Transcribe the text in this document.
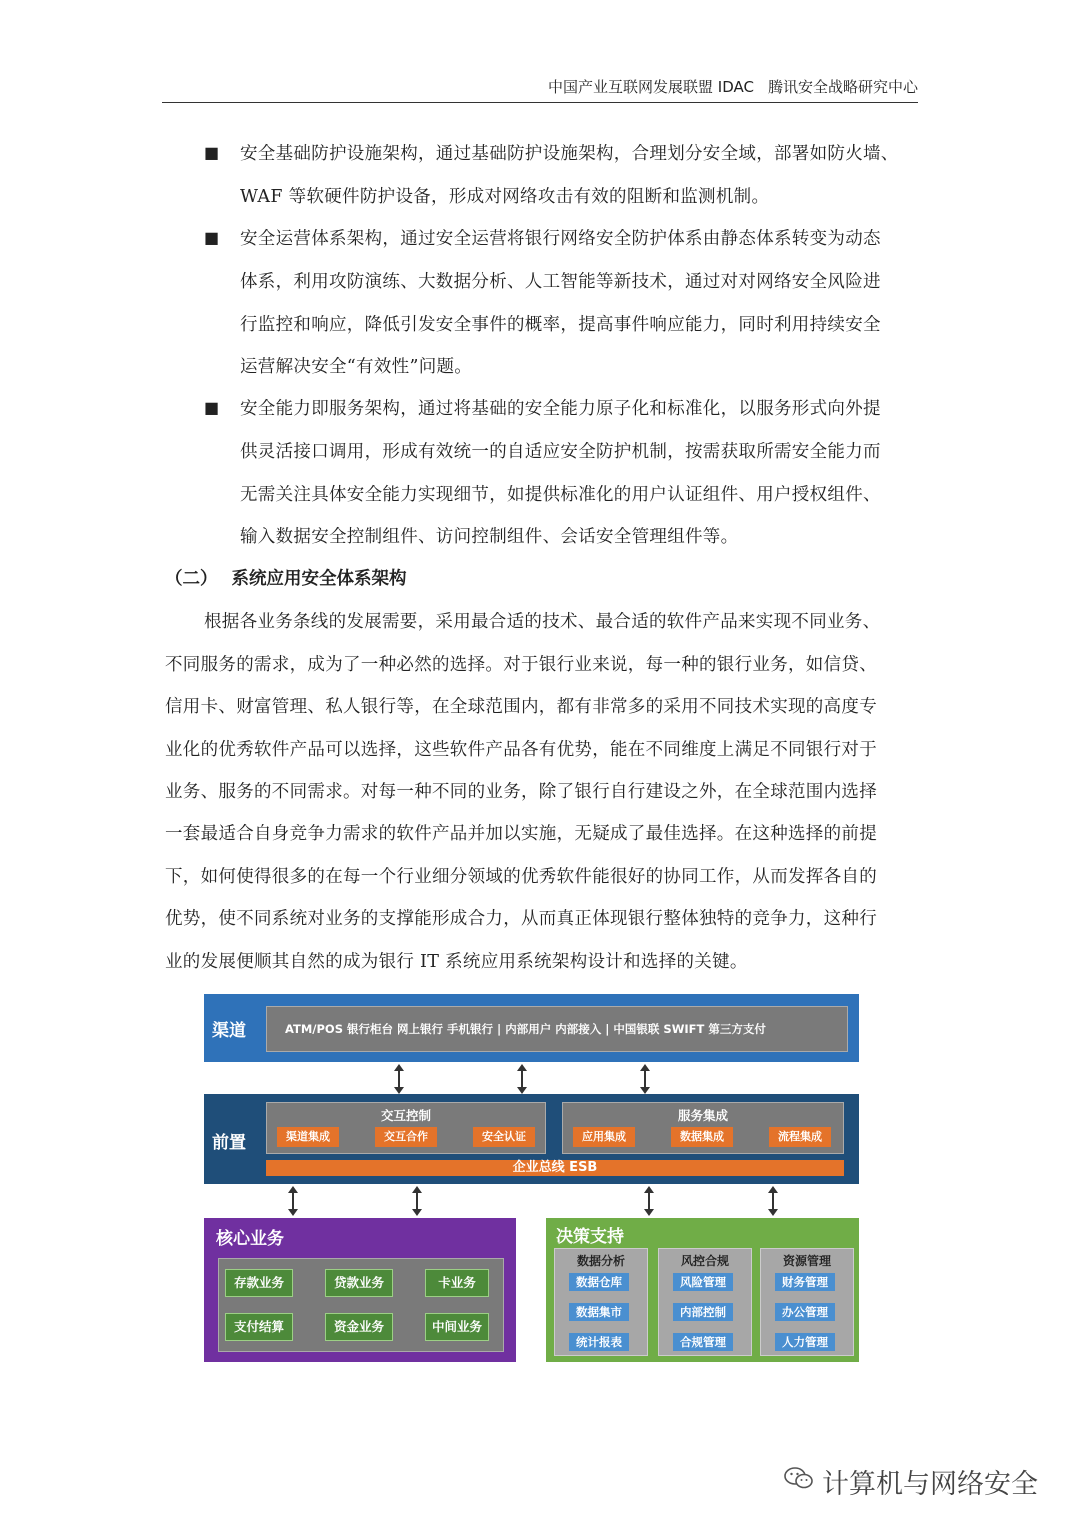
中国产业互联网发展联盟 IDAC 腾讯安全战略研究中心
■ 安全基础防护设施架构，通过基础防护设施架构，合理划分安全域，部署如防火墙、
WAF 等软硬件防护设备，形成对网络攻击有效的阻断和监测机制。
■ 安全运营体系架构，通过安全运营将银行网络安全防护体系由静态体系转变为动态
体系，利用攻防演练、大数据分析、人工智能等新技术，通过对对网络安全风险进
行监控和响应，降低引发安全事件的概率，提高事件响应能力，同时利用持续安全
运营解决安全“有效性”问题。
■ 安全能力即服务架构，通过将基础的安全能力原子化和标准化，以服务形式向外提
供灵活接口调用，形成有效统一的自适应安全防护机制，按需获取所需安全能力而
无需关注具体安全能力实现细节，如提供标准化的用户认证组件、用户授权组件、
输入数据安全控制组件、访问控制组件、会话安全管理组件等。
（二） 系统应用安全体系架构
根据各业务条线的发展需要，采用最合适的技术、最合适的软件产品来实现不同业务、
不同服务的需求，成为了一种必然的选择。对于银行业来说，每一种的银行业务，如信贷、
信用卡、财富管理、私人银行等，在全球范围内，都有非常多的采用不同技术实现的高度专
业化的优秀软件产品可以选择，这些软件产品各有优势，能在不同维度上满足不同银行对于
业务、服务的不同需求。对每一种不同的业务，除了银行自行建设之外，在全球范围内选择
一套最适合自身竞争力需求的软件产品并加以实施，无疑成了最佳选择。在这种选择的前提
下，如何使得很多的在每一个行业细分领域的优秀软件能很好的协同工作，从而发挥各自的
优势，使不同系统对业务的支撑能形成合力，从而真正体现银行整体独特的竞争力，这种行
业的发展便顺其自然的成为银行 IT 系统应用系统架构设计和选择的关键。
渠道	ATM/POS 银行柜台 网上银行 手机银行 | 内部用户 内部接入 | 中国银联 SWIFT 第三方支付
前置
交互控制
渠道集成	交互合作	安全认证
服务集成
应用集成	数据集成	流程集成
企业总线 ESB
核心业务
存款业务	贷款业务	卡业务
支付结算	资金业务	中间业务
决策支持
数据分析
数据仓库
数据集市
统计报表
风控合规
风险管理
内部控制
合规管理
资源管理
财务管理
办公管理
人力管理
计算机与网络安全
